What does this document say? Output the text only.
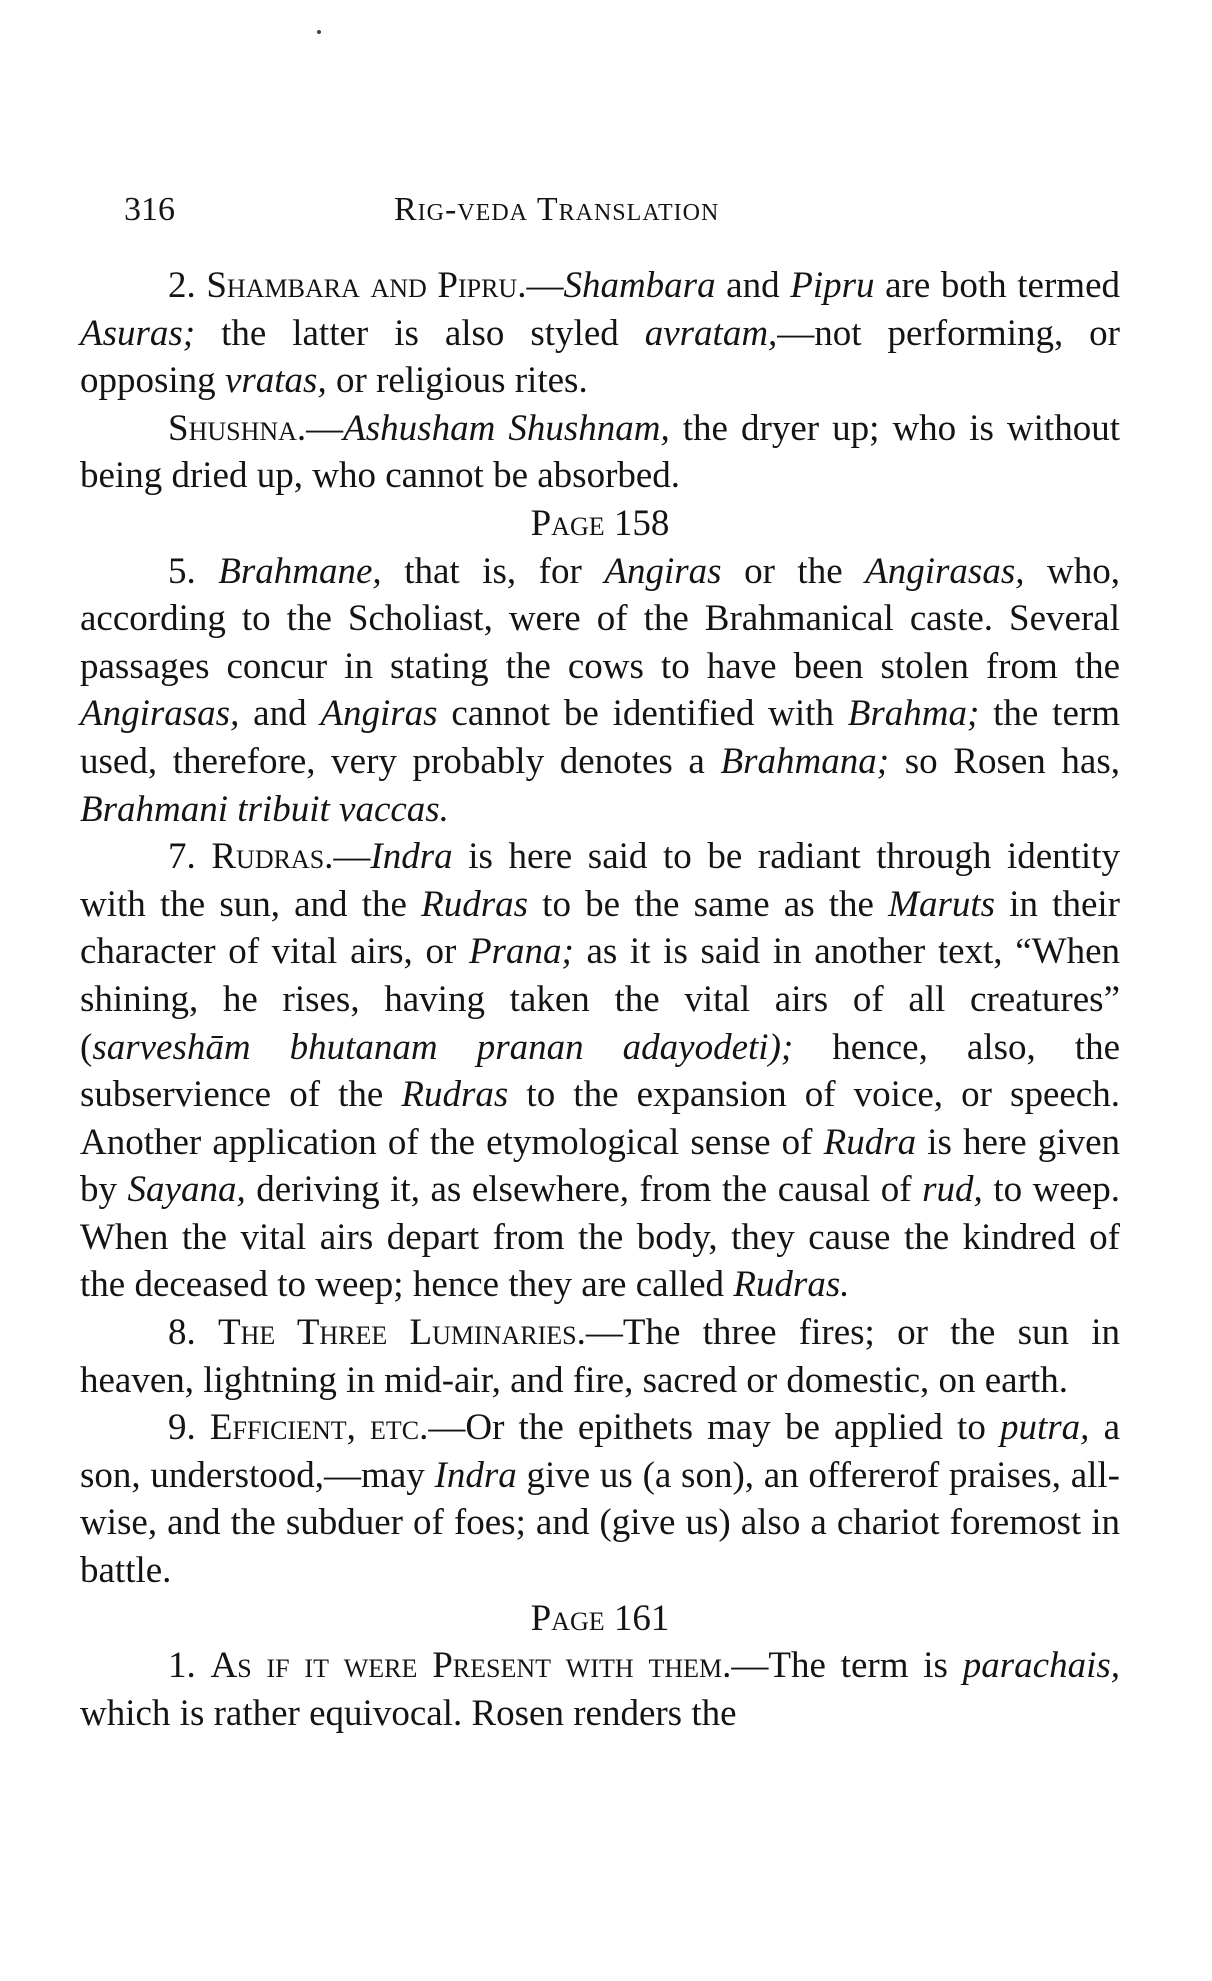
316	Rig-veda Translation

2. Shambara and Pipru.—Shambara and Pipru are both termed Asuras; the latter is also styled avratam,—not performing, or opposing vratas, or religious rites.

Shushna.—Ashusham Shushnam, the dryer up; who is without being dried up, who cannot be absorbed.

Page 158

5. Brahmane, that is, for Angiras or the Angirasas, who, according to the Scholiast, were of the Brahmanical caste. Several passages concur in stating the cows to have been stolen from the Angirasas, and Angiras cannot be identified with Brahma; the term used, therefore, very probably denotes a Brahmana; so Rosen has, Brahmani tribuit vaccas.

7. Rudras.—Indra is here said to be radiant through identity with the sun, and the Rudras to be the same as the Maruts in their character of vital airs, or Prana; as it is said in another text, “When shining, he rises, having taken the vital airs of all creatures” (sarveshām bhutanam pranan adayodeti); hence, also, the subservience of the Rudras to the expansion of voice, or speech. Another application of the etymological sense of Rudra is here given by Sayana, deriving it, as elsewhere, from the causal of rud, to weep. When the vital airs depart from the body, they cause the kindred of the deceased to weep; hence they are called Rudras.

8. The Three Luminaries.—The three fires; or the sun in heaven, lightning in mid-air, and fire, sacred or domestic, on earth.

9. Efficient, etc.—Or the epithets may be applied to putra, a son, understood,—may Indra give us (a son), an offererof praises, all-wise, and the subduer of foes; and (give us) also a chariot foremost in battle.

Page 161

1. As if it were Present with them.—The term is parachais, which is rather equivocal. Rosen renders the
